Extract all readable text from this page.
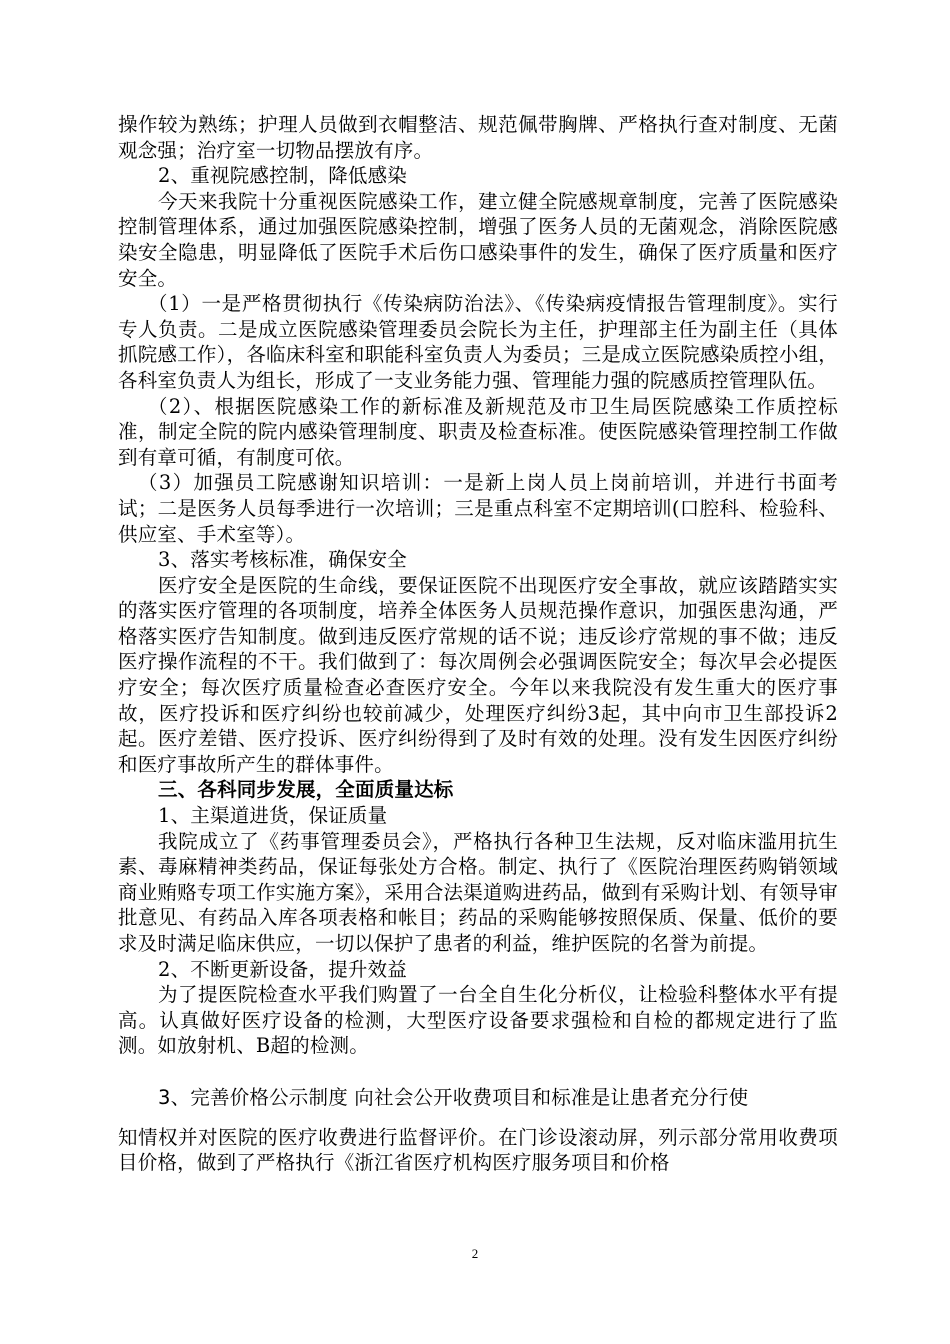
操作较为熟练；护理人员做到衣帽整洁、规范佩带胸牌、严格执行查对制度、无菌观念强；治疗室一切物品摆放有序。

2、重视院感控制，降低感染

今天来我院十分重视医院感染工作，建立健全院感规章制度，完善了医院感染控制管理体系，通过加强医院感染控制，增强了医务人员的无菌观念，消除医院感染安全隐患，明显降低了医院手术后伤口感染事件的发生，确保了医疗质量和医疗安全。

（1）一是严格贯彻执行《传染病防治法》、《传染病疫情报告管理制度》。实行专人负责。二是成立医院感染管理委员会院长为主任，护理部主任为副主任（具体抓院感工作），各临床科室和职能科室负责人为委员；三是成立医院感染质控小组，各科室负责人为组长，形成了一支业务能力强、管理能力强的院感质控管理队伍。

（2）、根据医院感染工作的新标准及新规范及市卫生局医院感染工作质控标准，制定全院的院内感染管理制度、职责及检查标准。使医院感染管理控制工作做到有章可循，有制度可依。

（3）加强员工院感谢知识培训：一是新上岗人员上岗前培训，并进行书面考试；二是医务人员每季进行一次培训；三是重点科室不定期培训(口腔科、检验科、供应室、手术室等）。

3、落实考核标准，确保安全

医疗安全是医院的生命线，要保证医院不出现医疗安全事故，就应该踏踏实实的落实医疗管理的各项制度，培养全体医务人员规范操作意识，加强医患沟通，严格落实医疗告知制度。做到违反医疗常规的话不说；违反诊疗常规的事不做；违反医疗操作流程的不干。我们做到了：每次周例会必强调医院安全；每次早会必提医疗安全；每次医疗质量检查必查医疗安全。今年以来我院没有发生重大的医疗事故，医疗投诉和医疗纠纷也较前减少，处理医疗纠纷3起，其中向市卫生部投诉2起。医疗差错、医疗投诉、医疗纠纷得到了及时有效的处理。没有发生因医疗纠纷和医疗事故所产生的群体事件。

三、各科同步发展，全面质量达标

1、主渠道进货，保证质量

我院成立了《药事管理委员会》，严格执行各种卫生法规，反对临床滥用抗生素、毒麻精神类药品，保证每张处方合格。制定、执行了《医院治理医药购销领域商业贿赂专项工作实施方案》，采用合法渠道购进药品，做到有采购计划、有领导审批意见、有药品入库各项表格和帐目；药品的采购能够按照保质、保量、低价的要求及时满足临床供应，一切以保护了患者的利益，维护医院的名誉为前提。

2、不断更新设备，提升效益

为了提医院检查水平我们购置了一台全自生化分析仪，让检验科整体水平有提高。认真做好医疗设备的检测，大型医疗设备要求强检和自检的都规定进行了监测。如放射机、B超的检测。

3、完善价格公示制度 向社会公开收费项目和标准是让患者充分行使

知情权并对医院的医疗收费进行监督评价。在门诊设滚动屏，列示部分常用收费项目价格，做到了严格执行《浙江省医疗机构医疗服务项目和价格

2
